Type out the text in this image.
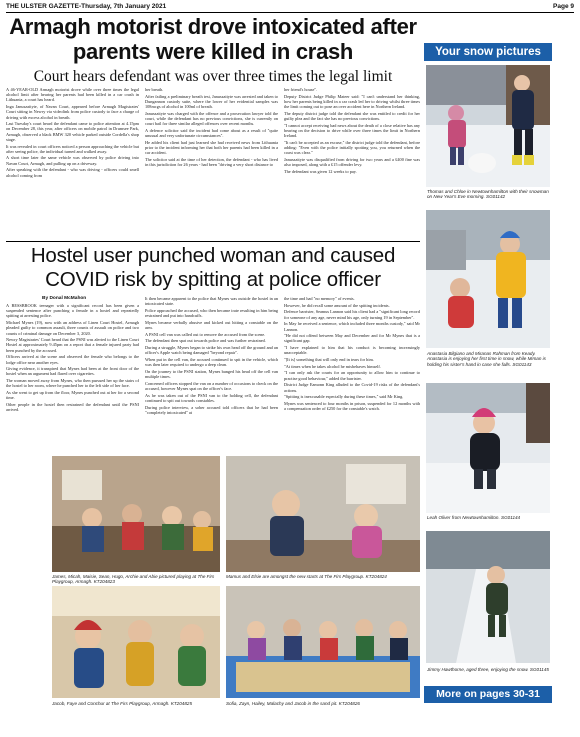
THE ULSTER GAZETTE-Thursday, 7th January 2021	Page 9
Armagh motorist drove intoxicated after parents were killed in crash
Court hears defendant was over three times the legal limit

A 46-YEAR-OLD Armagh motorist drove while over three times the legal alcohol limit after hearing her parents had been killed in a car crash in Lithuania, a court has heard.

Inga Januszaityte, of Navan Court, appeared before Armagh Magistrates' Court sitting in Newry via videolink from police custody to face a charge of driving with excess alcohol in breath.

Last Tuesday's court heard the defendant came to police attention at 4.15pm on December 28, this year, after officers on mobile patrol in Drumsee Park, Armagh, observed a black BMW 320 vehicle parked outside Cordella's shop stage.

It was revealed in court officers noticed a person approaching the vehicle but after seeing police, the individual turned and walked away.

A short time later the same vehicle was observed by police driving into Navan Court, Armagh, and pulling up on a driveway.

After speaking with the defendant - who was driving - officers could smell alcohol coming from

her breath.

After failing a preliminary breath test, Januszaityte was arrested and taken to Dungannon custody suite, where the lower of her evidential samples was 108mcgs of alcohol in 100ml of breath.

Januszaityte was charged with the offence and a prosecution lawyer told the court, while the defendant has no previous convictions, she is currently on court bail for three similar alleged offences over recent months.

A defence solicitor said the incident had come about as a result of "quite unusual and very unfortunate circumstances".

He added his client had just learned she had received news from Lithuania prior to the incident informing her that both her parents had been killed in a car accident.

The solicitor said at the time of her detection, the defendant - who has lived in this jurisdiction for 26 years - had been "driving a very short distance to

her friend's house".

Deputy District Judge Philip Mateer said: "I can't understand her thinking, how her parents being killed in a car crash led her to driving whilst three times the limit coming out to pose an over accident here in Northern Ireland.

The deputy district judge told the defendant she was entitled to credit for her guilty plea and the fact she has no previous convictions.

"I cannot accept receiving bad news about the death of a close relative has any bearing on the decision to drive while over three times the limit in Northern Ireland.

"It can't be accepted as an excuse," the district judge told the defendant, before adding: "Even with the police initially spotting you, you returned when the coast was clear."

Januszaityte was disqualified from driving for two years and a £400 fine was also imposed, along with a £15 offender levy.

The defendant was given 12 weeks to pay.

Your snow pictures
Thomas and Chloe in Newtownhamilton with their snowman on New Year's Eve morning. SG01142
Anastasia Bilgiano and Miranas Rahman from Keady. Anastasia is enjoying her first time in snow, while Miman is holding his sister's hand in case she falls. SG01143
Leah Oliver from Newtownhamilton. SG01144
Jimmy Hawthorne, aged three, enjoying the snow. SG01145
More on pages 30-31
Hostel user punched woman and caused COVID risk by spitting at police officer
By Donal McMahon

A BESSBROOK teenager with a significant record has been given a suspended sentence after punching a female in a hostel and repeatedly spitting at arresting police.

Michael Mynes (19), now with an address of Linen Court Hostel, Armagh pleaded guilty to common assault, three counts of assault on police and two counts of criminal damage on December 3, 2020.

Newry Magistrates' Court heard that the PSNI was alerted to the Linen Court Hostel at approximately 9.45pm on a report that a female injured party had been punched by the accused.

Officers arrived at the scene and observed the female who belongs to the lodge office near another eyes.

Giving evidence, it transpired that Mynes had been at the front door of the hostel when an argument had flared over cigarettes.

The woman moved away from Mynes, who then pursued her up the stairs of the hostel to her room, where he punched her to the left side of her face.

As she went to get up from the floor, Mynes punched out at her for a second time.

Other people in the hostel then restrained the defendant until the PSNI arrived.

It then became apparent to the police that Mynes was outside the hostel in an intoxicated state.

Police approached the accused, who then became irate resulting in him being restrained and put into handcuffs.

Mynes became verbally abusive and kicked out hitting a constable on the arm.

A PSNI cell van was called out to remove the accused from the scene.

The defendant then spat out towards police and was further restrained.

During a struggle, Mynes began to strike his own head off the ground and an officer's Apple watch being damaged "beyond repair".

When put in the cell van, the accused continued to spit in the vehicle, which was then later required to undergo a deep clean.

On the journey to the PSNI station, Mynes banged his head off the cell van multiple times.

Concerned officers stopped the van on a number of occasions to check on the accused, however Mynes spat on the officer's face.

As he was taken out of the PSNI van to the holding cell, the defendant continued to spit out towards constables.

During police interview, a sober accused told officers that he had been "completely intoxicated" at

the time and had "no memory" of events.

However, he did recall some amount of the spitting incidents.

Defence barrister, Seamus Lannon said his client had a "significant long record for someone of any age, never mind his age, only turning 19 in September".

In May he received a sentence, which included three months custody," said Mr Lannon.

"He did not offend between May and December and for Mr Mynes that is a significant gap.

"I have explained to him that his conduct is becoming increasingly unacceptable.

"[It is] something that will only end in tears for him.

"At times when he takes alcohol he misbehaves himself.

"I can only ask the courts for an opportunity to allow him to continue to practise good behaviour," added the barrister.

District Judge Eamonn King alluded to the Covid-19 risks of the defendant's actions.

"Spitting is inexcusable especially during these times," said Mr King.

Mynes was sentenced to four months in prison, suspended for 12 months with a compensation order of £250 for the constable's watch.

James, Micah, Maisie, Sean, Hugo, Archie and Abie pictured playing at The Firs Playgroup, Armagh. KT204823
Mamus and Elsie are amongst the new starts at The Firs Playgroup. KT204824
Jacob, Faye and Conchur at The Firs Playgroup, Armagh. KT204825	Sofia, Zayn, Hailey, Malachy and Jacob in the sand pit. KT204826
